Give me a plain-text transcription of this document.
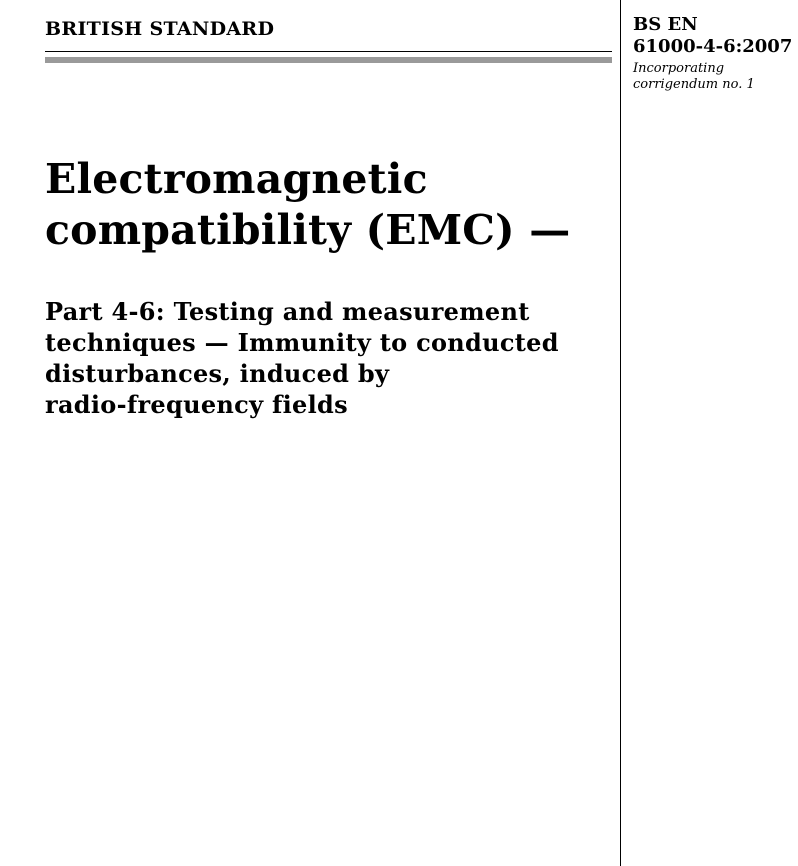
BRITISH STANDARD
Electromagnetic
compatibility (EMC) —
Part 4-6: Testing and measurement
techniques — Immunity to conducted
disturbances, induced by
radio-frequency fields
BS EN
61000-4-6:2007
Incorporating
corrigendum no. 1
